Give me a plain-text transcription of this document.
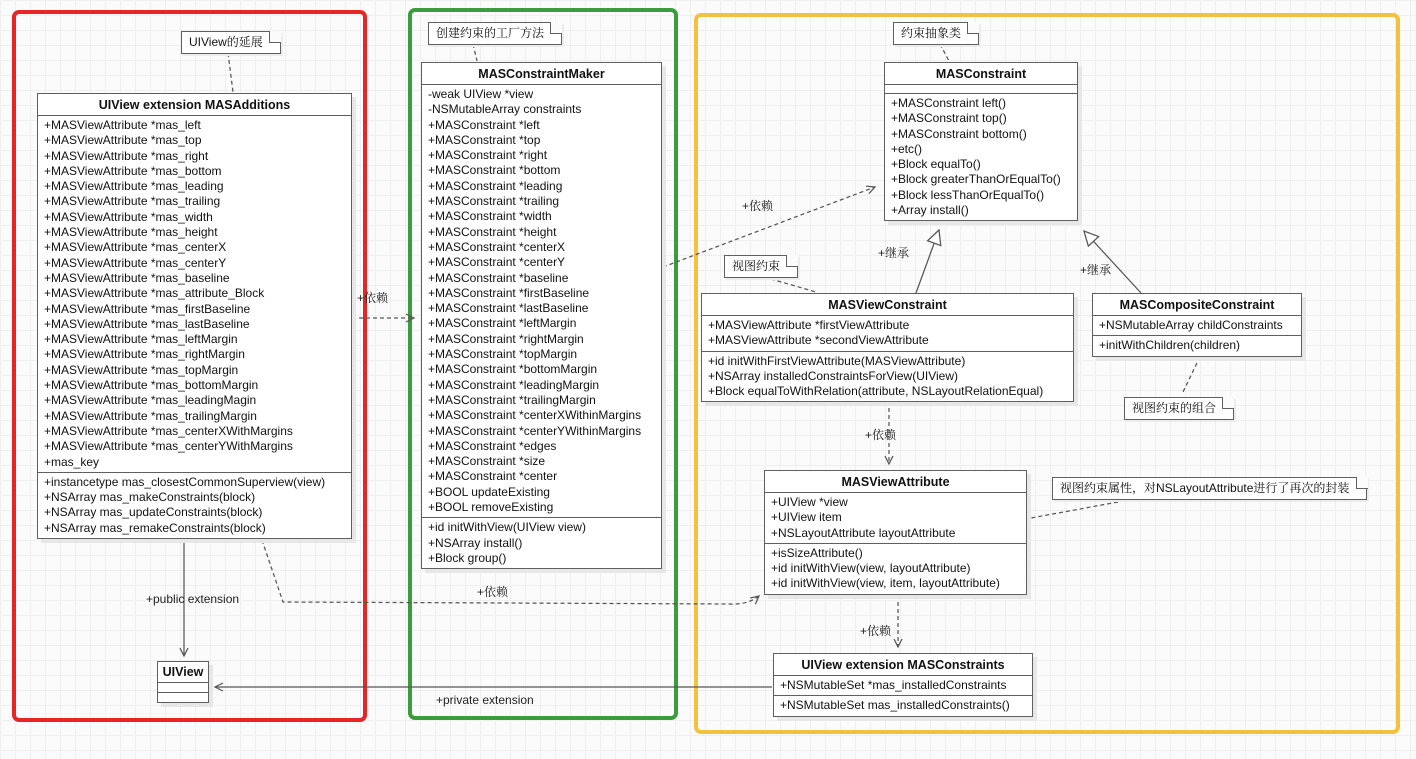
UIView的延展
创建约束的工厂方法	约束抽象类
视图约束
视图约束的组合
视图约束属性，对NSLayoutAttribute进行了再次的封装
UIView extension MASAdditions
+MASViewAttribute *mas_left
+MASViewAttribute *mas_top
+MASViewAttribute *mas_right
+MASViewAttribute *mas_bottom
+MASViewAttribute *mas_leading
+MASViewAttribute *mas_trailing
+MASViewAttribute *mas_width
+MASViewAttribute *mas_height
+MASViewAttribute *mas_centerX
+MASViewAttribute *mas_centerY
+MASViewAttribute *mas_baseline
+MASViewAttribute *mas_attribute_Block
+MASViewAttribute *mas_firstBaseline
+MASViewAttribute *mas_lastBaseline
+MASViewAttribute *mas_leftMargin
+MASViewAttribute *mas_rightMargin
+MASViewAttribute *mas_topMargin
+MASViewAttribute *mas_bottomMargin
+MASViewAttribute *mas_leadingMagin
+MASViewAttribute *mas_trailingMargin
+MASViewAttribute *mas_centerXWithMargins
+MASViewAttribute *mas_centerYWithMargins
+mas_key
+instancetype mas_closestCommonSuperview(view)
+NSArray mas_makeConstraints(block)
+NSArray mas_updateConstraints(block)
+NSArray mas_remakeConstraints(block)
MASConstraintMaker
-weak UIView *view
-NSMutableArray constraints
+MASConstraint *left
+MASConstraint *top
+MASConstraint *right
+MASConstraint *bottom
+MASConstraint *leading
+MASConstraint *trailing
+MASConstraint *width
+MASConstraint *height
+MASConstraint *centerX
+MASConstraint *centerY
+MASConstraint *baseline
+MASConstraint *firstBaseline
+MASConstraint *lastBaseline
+MASConstraint *leftMargin
+MASConstraint *rightMargin
+MASConstraint *topMargin
+MASConstraint *bottomMargin
+MASConstraint *leadingMargin
+MASConstraint *trailingMargin
+MASConstraint *centerXWithinMargins
+MASConstraint *centerYWithinMargins
+MASConstraint *edges
+MASConstraint *size
+MASConstraint *center
+BOOL updateExisting
+BOOL removeExisting
+id initWithView(UIView view)
+NSArray install()
+Block group()
MASConstraint
+MASConstraint left()
+MASConstraint top()
+MASConstraint bottom()
+etc()
+Block equalTo()
+Block greaterThanOrEqualTo()
+Block lessThanOrEqualTo()
+Array install()
MASViewConstraint
+MASViewAttribute *firstViewAttribute
+MASViewAttribute *secondViewAttribute
+id initWithFirstViewAttribute(MASViewAttribute)
+NSArray installedConstraintsForView(UIView)
+Block equalToWithRelation(attribute, NSLayoutRelationEqual)
MASCompositeConstraint
+NSMutableArray childConstraints
+initWithChildren(children)
MASViewAttribute
+UIView *view
+UIView item
+NSLayoutAttribute layoutAttribute
+isSizeAttribute()
+id initWithView(view, layoutAttribute)
+id initWithView(view, item, layoutAttribute)
UIView extension MASConstraints
+NSMutableSet *mas_installedConstraints
+NSMutableSet mas_installedConstraints()
UIView
+依赖
+依赖
+依赖
+依赖
+依赖
+继承
+继承
+public extension
+private extension
